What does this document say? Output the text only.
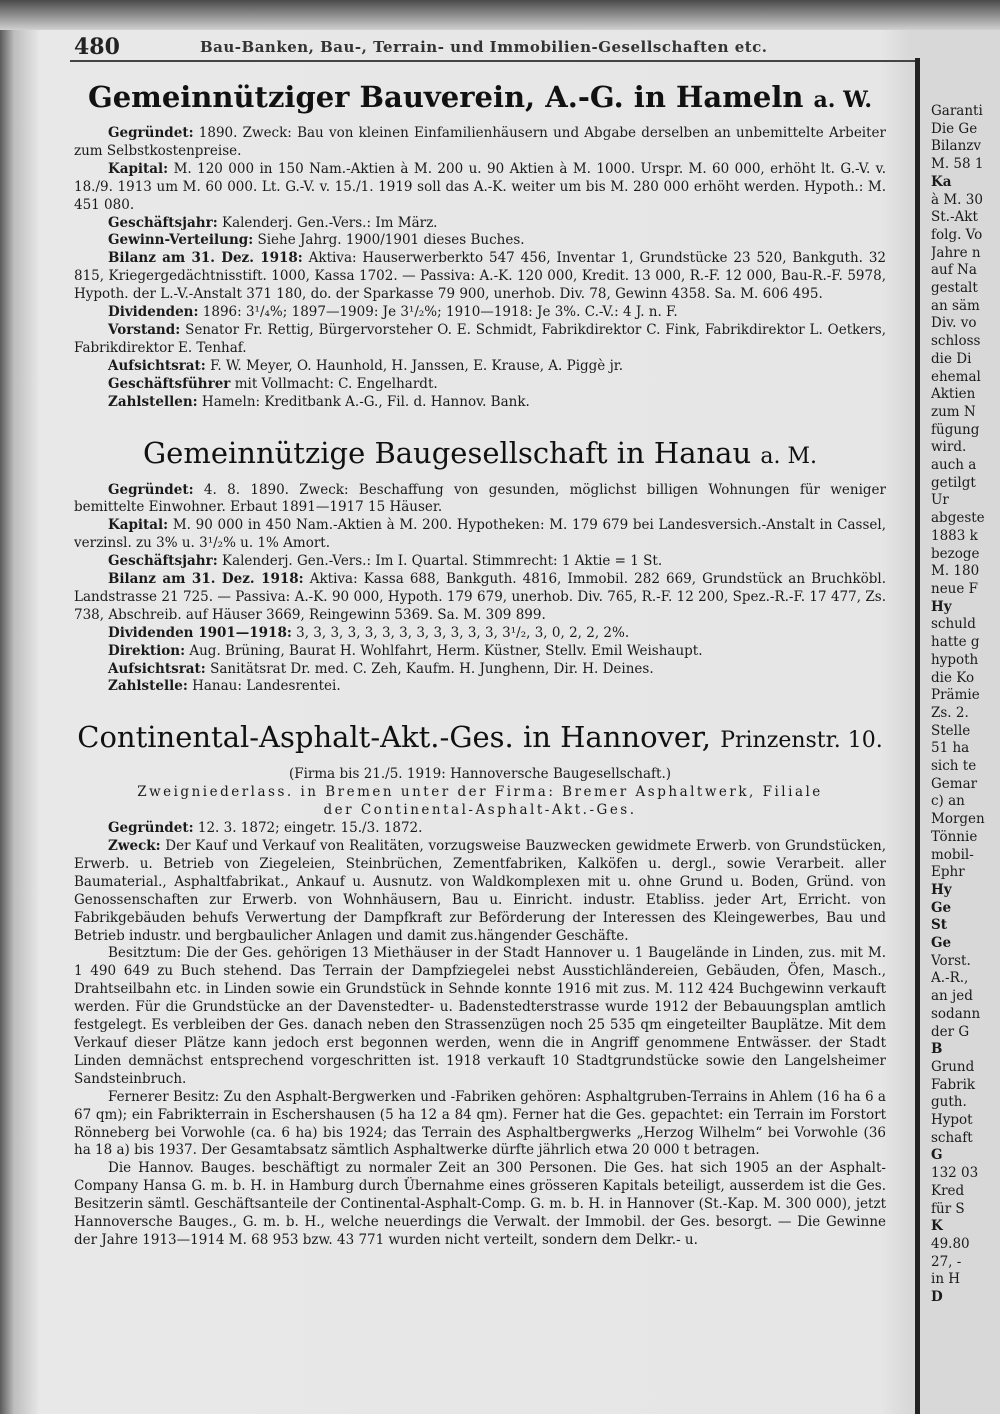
480	Bau-Banken, Bau-, Terrain- und Immobilien-Gesellschaften etc.
Gemeinnütziger Bauverein, A.-G. in Hameln a. W.

Gegründet: 1890. Zweck: Bau von kleinen Einfamilienhäusern und Abgabe derselben an unbemittelte Arbeiter zum Selbstkostenpreise.

Kapital: M. 120 000 in 150 Nam.-Aktien à M. 200 u. 90 Aktien à M. 1000. Urspr. M. 60 000, erhöht lt. G.-V. v. 18./9. 1913 um M. 60 000. Lt. G.-V. v. 15./1. 1919 soll das A.-K. weiter um bis M. 280 000 erhöht werden. Hypoth.: M. 451 080.

Geschäftsjahr: Kalenderj. Gen.-Vers.: Im März.

Gewinn-Verteilung: Siehe Jahrg. 1900/1901 dieses Buches.

Bilanz am 31. Dez. 1918: Aktiva: Hauserwerberkto 547 456, Inventar 1, Grundstücke 23 520, Bankguth. 32 815, Kriegergedächtnisstift. 1000, Kassa 1702. — Passiva: A.-K. 120 000, Kredit. 13 000, R.-F. 12 000, Bau-R.-F. 5978, Hypoth. der L.-V.-Anstalt 371 180, do. der Sparkasse 79 900, unerhob. Div. 78, Gewinn 4358. Sa. M. 606 495.

Dividenden: 1896: 3¹/₄%; 1897—1909: Je 3¹/₂%; 1910—1918: Je 3%. C.-V.: 4 J. n. F.

Vorstand: Senator Fr. Rettig, Bürgervorsteher O. E. Schmidt, Fabrikdirektor C. Fink, Fabrikdirektor L. Oetkers, Fabrikdirektor E. Tenhaf.

Aufsichtsrat: F. W. Meyer, O. Haunhold, H. Janssen, E. Krause, A. Piggè jr.

Geschäftsführer mit Vollmacht: C. Engelhardt.

Zahlstellen: Hameln: Kreditbank A.-G., Fil. d. Hannov. Bank.

Gemeinnützige Baugesellschaft in Hanau a. M.

Gegründet: 4. 8. 1890. Zweck: Beschaffung von gesunden, möglichst billigen Wohnungen für weniger bemittelte Einwohner. Erbaut 1891—1917 15 Häuser.

Kapital: M. 90 000 in 450 Nam.-Aktien à M. 200. Hypotheken: M. 179 679 bei Landesversich.-Anstalt in Cassel, verzinsl. zu 3% u. 3¹/₂% u. 1% Amort.

Geschäftsjahr: Kalenderj. Gen.-Vers.: Im I. Quartal. Stimmrecht: 1 Aktie = 1 St.

Bilanz am 31. Dez. 1918: Aktiva: Kassa 688, Bankguth. 4816, Immobil. 282 669, Grundstück an Bruchköbl. Landstrasse 21 725. — Passiva: A.-K. 90 000, Hypoth. 179 679, unerhob. Div. 765, R.-F. 12 200, Spez.-R.-F. 17 477, Zs. 738, Abschreib. auf Häuser 3669, Reingewinn 5369. Sa. M. 309 899.

Dividenden 1901—1918: 3, 3, 3, 3, 3, 3, 3, 3, 3, 3, 3, 3, 3¹/₂, 3, 0, 2, 2, 2%.

Direktion: Aug. Brüning, Baurat H. Wohlfahrt, Herm. Küstner, Stellv. Emil Weishaupt.

Aufsichtsrat: Sanitätsrat Dr. med. C. Zeh, Kaufm. H. Junghenn, Dir. H. Deines.

Zahlstelle: Hanau: Landesrentei.

Continental-Asphalt-Akt.-Ges. in Hannover, Prinzenstr. 10.

(Firma bis 21./5. 1919: Hannoversche Baugesellschaft.)

Zweigniederlass. in Bremen unter der Firma: Bremer Asphaltwerk, Filiale

der Continental-Asphalt-Akt.-Ges.

Gegründet: 12. 3. 1872; eingetr. 15./3. 1872.

Zweck: Der Kauf und Verkauf von Realitäten, vorzugsweise Bauzwecken gewidmete Erwerb. von Grundstücken, Erwerb. u. Betrieb von Ziegeleien, Steinbrüchen, Zementfabriken, Kalköfen u. dergl., sowie Verarbeit. aller Baumaterial., Asphaltfabrikat., Ankauf u. Ausnutz. von Waldkomplexen mit u. ohne Grund u. Boden, Gründ. von Genossenschaften zur Erwerb. von Wohnhäusern, Bau u. Einricht. industr. Etabliss. jeder Art, Erricht. von Fabrikgebäuden behufs Verwertung der Dampfkraft zur Beförderung der Interessen des Kleingewerbes, Bau und Betrieb industr. und bergbaulicher Anlagen und damit zus.hängender Geschäfte.

Besitztum: Die der Ges. gehörigen 13 Miethäuser in der Stadt Hannover u. 1 Baugelände in Linden, zus. mit M. 1 490 649 zu Buch stehend. Das Terrain der Dampfziegelei nebst Ausstichländereien, Gebäuden, Öfen, Masch., Drahtseilbahn etc. in Linden sowie ein Grundstück in Sehnde konnte 1916 mit zus. M. 112 424 Buchgewinn verkauft werden. Für die Grundstücke an der Davenstedter- u. Badenstedterstrasse wurde 1912 der Bebauungsplan amtlich festgelegt. Es verbleiben der Ges. danach neben den Strassenzügen noch 25 535 qm eingeteilter Bauplätze. Mit dem Verkauf dieser Plätze kann jedoch erst begonnen werden, wenn die in Angriff genommene Entwässer. der Stadt Linden demnächst entsprechend vorgeschritten ist. 1918 verkauft 10 Stadtgrundstücke sowie den Langelsheimer Sandsteinbruch.

Fernerer Besitz: Zu den Asphalt-Bergwerken und -Fabriken gehören: Asphaltgruben-Terrains in Ahlem (16 ha 6 a 67 qm); ein Fabrikterrain in Eschershausen (5 ha 12 a 84 qm). Ferner hat die Ges. gepachtet: ein Terrain im Forstort Rönneberg bei Vorwohle (ca. 6 ha) bis 1924; das Terrain des Asphaltbergwerks „Herzog Wilhelm“ bei Vorwohle (36 ha 18 a) bis 1937. Der Gesamtabsatz sämtlich Asphaltwerke dürfte jährlich etwa 20 000 t betragen.

Die Hannov. Bauges. beschäftigt zu normaler Zeit an 300 Personen. Die Ges. hat sich 1905 an der Asphalt-Company Hansa G. m. b. H. in Hamburg durch Übernahme eines grösseren Kapitals beteiligt, ausserdem ist die Ges. Besitzerin sämtl. Geschäftsanteile der Continental-Asphalt-Comp. G. m. b. H. in Hannover (St.-Kap. M. 300 000), jetzt Hannoversche Bauges., G. m. b. H., welche neuerdings die Verwalt. der Immobil. der Ges. besorgt. — Die Gewinne der Jahre 1913—1914 M. 68 953 bzw. 43 771 wurden nicht verteilt, sondern dem Delkr.- u.

Garanti

Die Ge

Bilanzv

M. 58 1

Ka

à M. 30

St.-Akt

folg. Vo

Jahre n

auf Na

gestalt

an säm

Div. vo

schloss

die Di

ehemal

Aktien

zum N

fügung

wird.

auch a

getilgt

Ur

abgeste

1883 k

bezoge

M. 180

neue F

Hy

schuld

hatte g

hypoth

die Ko

Prämie

Zs. 2.

Stelle

51 ha

sich te

Gemar

c) an

Morgen

Tönnie

mobil-

Ephr

Hy

Ge

St

Ge

Vorst.

A.-R.,

an jed

sodann

der G

B

Grund

Fabrik

guth.

Hypot

schaft

G

132 03

Kred

für S

K

49.80

27, -

in H

D
